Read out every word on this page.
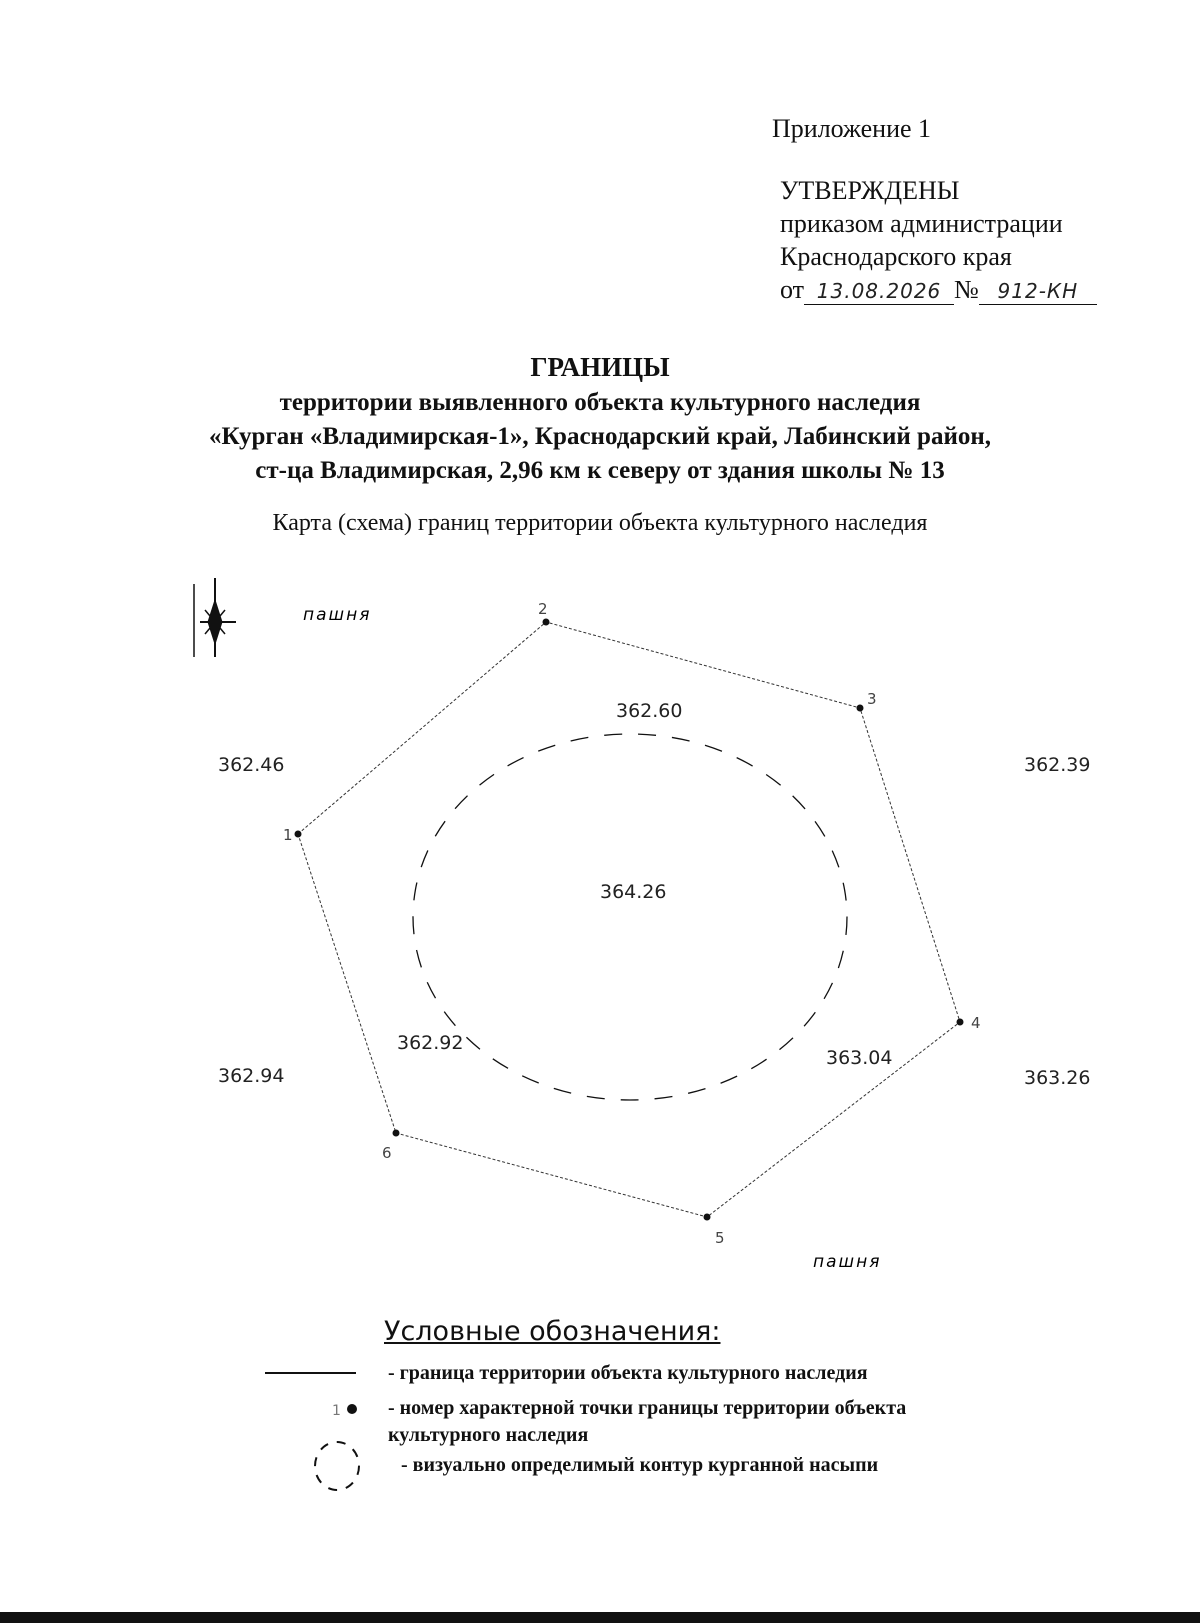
Приложение 1
УТВЕРЖДЕНЫ
приказом администрации
Краснодарского края
от 13.08.2026 № 912-КН
ГРАНИЦЫ
территории выявленного объекта культурного наследия
«Курган «Владимирская-1», Краснодарский край, Лабинский район,
ст-ца Владимирская, 2,96 км к северу от здания школы № 13
Карта (схема) границ территории объекта культурного наследия
пашня
пашня
1
2
3
4
5
6
362.46	362.39
362.94	363.26
362.60
364.26
362.92
363.04
1
Условные обозначения:
- граница территории объекта культурного наследия
- номер характерной точки границы территории объекта
культурного наследия
- визуально определимый контур курганной насыпи
